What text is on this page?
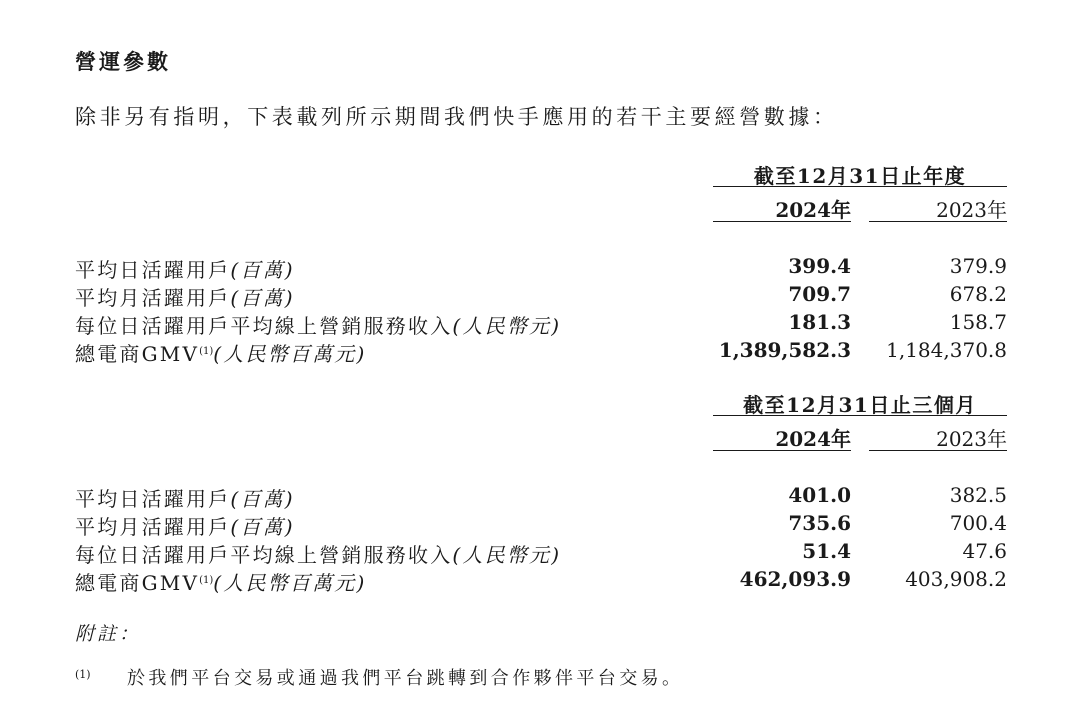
營運參數
除非另有指明，下表載列所示期間我們快手應用的若干主要經營數據：
截至12月31日止年度
2024年	2023年
平均日活躍用戶(百萬)	399.4	379.9
平均月活躍用戶(百萬)	709.7	678.2
每位日活躍用戶平均線上營銷服務收入(人民幣元)	181.3	158.7
總電商GMV$^{(1)}$(人民幣百萬元)	1,389,582.3	1,184,370.8
截至12月31日止三個月
2024年	2023年
平均日活躍用戶(百萬)	401.0	382.5
平均月活躍用戶(百萬)	735.6	700.4
每位日活躍用戶平均線上營銷服務收入(人民幣元)	51.4	47.6
總電商GMV$^{(1)}$(人民幣百萬元)	462,093.9	403,908.2
附註：
(1) 於我們平台交易或通過我們平台跳轉到合作夥伴平台交易。
